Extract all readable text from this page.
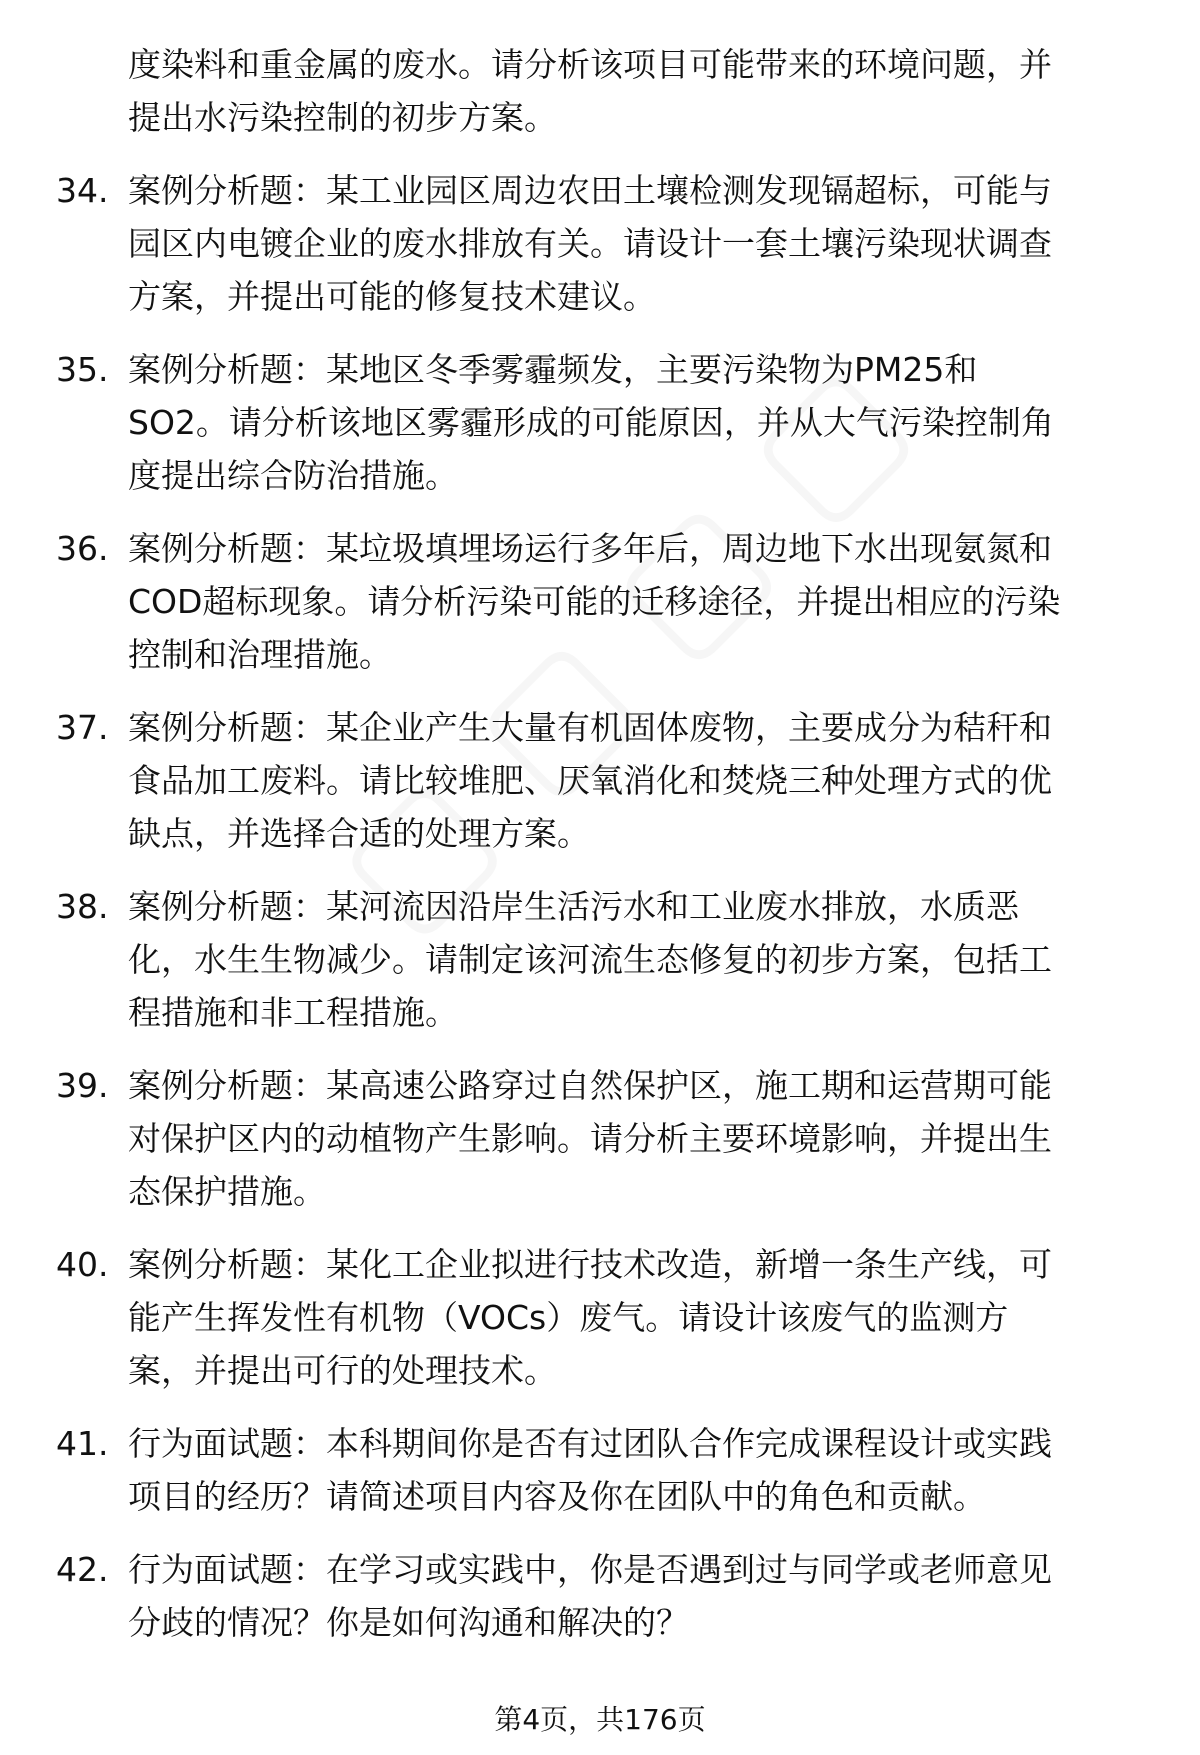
度染料和重金属的废水。请分析该项目可能带来的环境问题，并
提出水污染控制的初步方案。
34. 案例分析题：某工业园区周边农田土壤检测发现镉超标，可能与
园区内电镀企业的废水排放有关。请设计一套土壤污染现状调查
方案，并提出可能的修复技术建议。
35. 案例分析题：某地区冬季雾霾频发，主要污染物为PM25和
SO2。请分析该地区雾霾形成的可能原因，并从大气污染控制角
度提出综合防治措施。
36. 案例分析题：某垃圾填埋场运行多年后，周边地下水出现氨氮和
COD超标现象。请分析污染可能的迁移途径，并提出相应的污染
控制和治理措施。
37. 案例分析题：某企业产生大量有机固体废物，主要成分为秸秆和
食品加工废料。请比较堆肥、厌氧消化和焚烧三种处理方式的优
缺点，并选择合适的处理方案。
38. 案例分析题：某河流因沿岸生活污水和工业废水排放，水质恶
化，水生生物减少。请制定该河流生态修复的初步方案，包括工
程措施和非工程措施。
39. 案例分析题：某高速公路穿过自然保护区，施工期和运营期可能
对保护区内的动植物产生影响。请分析主要环境影响，并提出生
态保护措施。
40. 案例分析题：某化工企业拟进行技术改造，新增一条生产线，可
能产生挥发性有机物（VOCs）废气。请设计该废气的监测方
案，并提出可行的处理技术。
41. 行为面试题：本科期间你是否有过团队合作完成课程设计或实践
项目的经历？请简述项目内容及你在团队中的角色和贡献。
42. 行为面试题：在学习或实践中，你是否遇到过与同学或老师意见
分歧的情况？你是如何沟通和解决的？
第4页，共176页
